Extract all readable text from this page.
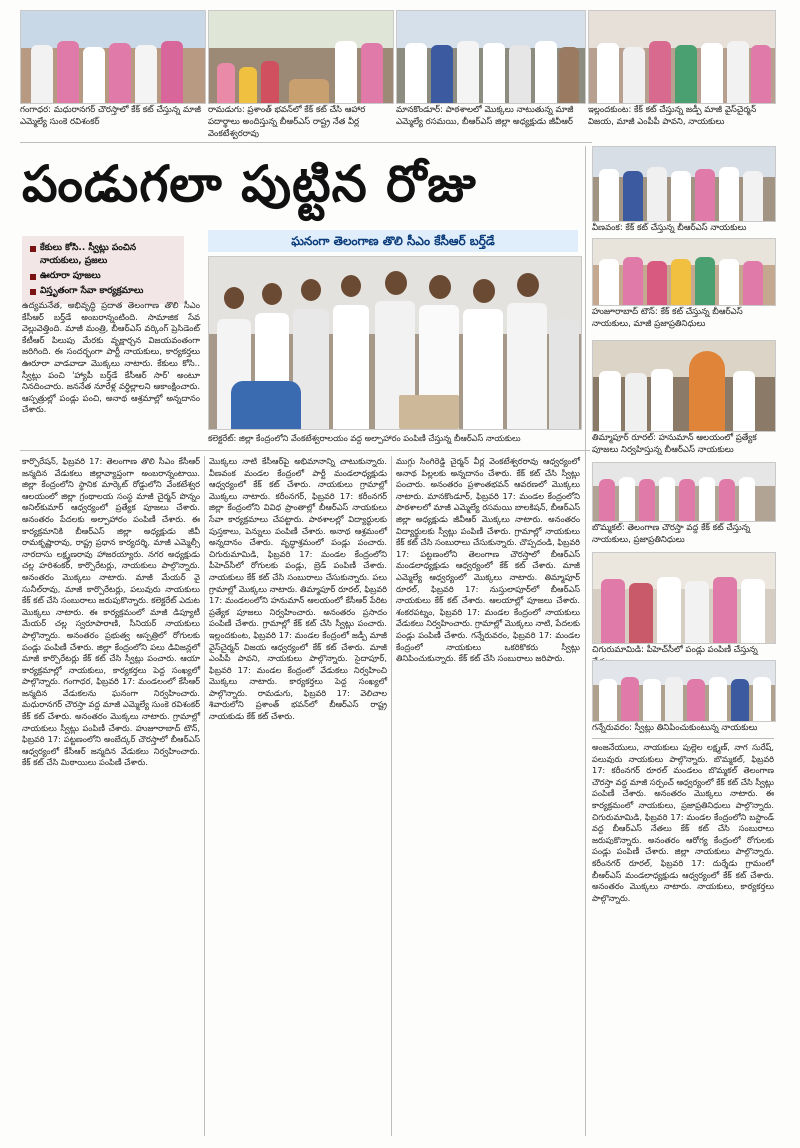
గంగాధర: మధురానగర్ చౌరస్తాలో కేక్ కట్ చేస్తున్న మాజీ ఎమ్మెల్యే సుంకె రవిశంకర్
రామడుగు: ప్రశాంత్ భవన్‌లో కేక్ కట్ చేసి ఆహార పదార్థాలు అందిస్తున్న బీఆర్ఎస్ రాష్ట్ర నేత వీర్ల వెంకటేశ్వరరావు
మానకొండూర్: పాఠశాలలో మొక్కలు నాటుతున్న మాజీ ఎమ్మెల్యే రసమయి, బీఆర్ఎస్ జిల్లా అధ్యక్షుడు జీవీఆర్
ఇల్లందకుంట: కేక్ కట్ చేస్తున్న జడ్పీ మాజీ వైస్‌చైర్మన్ విజయ, మాజీ ఎంపీపీ పావని, నాయకులు
పండుగలా పుట్టిన రోజు
కేకులు కోసి.. స్వీట్లు పంచిన నాయకులు, ప్రజలు
ఊరూరా పూజలు
విస్తృతంగా సేవా కార్యక్రమాలు
ఘనంగా తెలంగాణ తొలి సీఎం కేసీఆర్ బర్త్‌డే
ఉద్యమనేత, అభివృద్ధి ప్రదాత తెలంగాణ తొలి సీఎం కేసీఆర్ బర్త్‌డే అంబరాన్నంటింది. సామాజిక సేవ వెల్లువెత్తింది. మాజీ మంత్రి, బీఆర్ఎస్ వర్కింగ్ ప్రెసిడెంట్ కేటీఆర్ పిలుపు మేరకు వృక్షార్చన విజయవంతంగా జరిగింది. ఈ సందర్భంగా పార్టీ నాయకులు, కార్యకర్తలు ఊరూరా వాడవాడా మొక్కలు నాటారు. కేకులు కోసి.. స్వీట్లు పంచి 'హ్యాపీ బర్త్‌డే కేసీఆర్ సార్' అంటూ నినదించారు. జననేత నూరేళ్ల వర్ధిల్లాలని ఆకాంక్షించారు. ఆస్పత్రుల్లో పండ్లు పంచి, అనాథ ఆశ్రమాల్లో అన్నదానం చేశారు.
కలెక్టరేట్: జిల్లా కేంద్రంలోని వేంకటేశ్వరాలయం వద్ద అల్పాహారం పంపిణీ చేస్తున్న బీఆర్ఎస్ నాయకులు
కార్పొరేషన్, ఫిబ్రవరి 17: తెలంగాణ తొలి సీఎం కేసీఆర్ జన్మదిన వేడుకలు జిల్లావ్యాప్తంగా అంబరాన్నంటాయి. జిల్లా కేంద్రంలోని స్థానిక మార్కెట్ రోడ్డులోని వేంకటేశ్వర ఆలయంలో జిల్లా గ్రంథాలయ సంస్థ మాజీ చైర్మన్ పొన్నం అనిల్‌కుమార్ ఆధ్వర్యంలో ప్రత్యేక పూజలు చేశారు. అనంతరం పేదలకు అల్పాహారం పంపిణీ చేశారు. ఈ కార్యక్రమానికి బీఆర్ఎస్ జిల్లా అధ్యక్షుడు జీవీ రామకృష్ణారావు, రాష్ట్ర ప్రధాన కార్యదర్శి, మాజీ ఎమ్మెల్సీ నారదాసు లక్ష్మణరావు హాజరయ్యారు. నగర అధ్యక్షుడు చల్ల హరిశంకర్, కార్పొరేటర్లు, నాయకులు పాల్గొన్నారు. అనంతరం మొక్కలు నాటారు. మాజీ మేయర్ వై సునీల్‌రావు, మాజీ కార్పొరేటర్లు, పలువురు నాయకులు కేక్ కట్ చేసి సంబురాలు జరుపుకొన్నారు. కలెక్టరేట్ ఎదుట మొక్కలు నాటారు. ఈ కార్యక్రమంలో మాజీ డిప్యూటీ మేయర్ చల్ల స్వరూపారాణి, సీనియర్ నాయకులు పాల్గొన్నారు. అనంతరం ప్రభుత్వ ఆస్పత్రిలో రోగులకు పండ్లు పంపిణీ చేశారు. జిల్లా కేంద్రంలోని పలు డివిజన్లలో మాజీ కార్పొరేటర్లు కేక్ కట్ చేసి స్వీట్లు పంచారు. ఆయా కార్యక్రమాల్లో నాయకులు, కార్యకర్తలు పెద్ద సంఖ్యలో పాల్గొన్నారు. గంగాధర, ఫిబ్రవరి 17: మండలంలో కేసీఆర్ జన్మదిన వేడుకలను ఘనంగా నిర్వహించారు. మధురానగర్ చౌరస్తా వద్ద మాజీ ఎమ్మెల్యే సుంకె రవిశంకర్ కేక్ కట్ చేశారు. అనంతరం మొక్కలు నాటారు. గ్రామాల్లో నాయకులు స్వీట్లు పంపిణీ చేశారు. హుజూరాబాద్ టౌన్, ఫిబ్రవరి 17: పట్టణంలోని అంబేద్కర్ చౌరస్తాలో బీఆర్ఎస్ ఆధ్వర్యంలో కేసీఆర్ జన్మదిన వేడుకలు నిర్వహించారు. కేక్ కట్ చేసి మిఠాయిలు పంపిణీ చేశారు.
మొక్కలు నాటి కేసీఆర్‌పై అభిమానాన్ని చాటుకున్నారు. వీణవంక మండల కేంద్రంలో పార్టీ మండలాధ్యక్షుడు ఆధ్వర్యంలో కేక్ కట్ చేశారు. నాయకులు గ్రామాల్లో మొక్కలు నాటారు. కరీంనగర్, ఫిబ్రవరి 17: కరీంనగర్ జిల్లా కేంద్రంలోని వివిధ ప్రాంతాల్లో బీఆర్ఎస్ నాయకులు సేవా కార్యక్రమాలు చేపట్టారు. పాఠశాలల్లో విద్యార్థులకు పుస్తకాలు, పెన్నులు పంపిణీ చేశారు. అనాథ ఆశ్రమంలో అన్నదానం చేశారు. వృద్ధాశ్రమంలో పండ్లు పంచారు. చిగురుమామిడి, ఫిబ్రవరి 17: మండల కేంద్రంలోని పీహెచ్‌సీలో రోగులకు పండ్లు, బ్రెడ్ పంపిణీ చేశారు. నాయకులు కేక్ కట్ చేసి సంబురాలు చేసుకున్నారు. పలు గ్రామాల్లో మొక్కలు నాటారు. తిమ్మాపూర్ రూరల్, ఫిబ్రవరి 17: మండలంలోని హనుమాన్ ఆలయంలో కేసీఆర్ పేరిట ప్రత్యేక పూజలు నిర్వహించారు. అనంతరం ప్రసాదం పంపిణీ చేశారు. గ్రామాల్లో కేక్ కట్ చేసి స్వీట్లు పంచారు. ఇల్లందకుంట, ఫిబ్రవరి 17: మండల కేంద్రంలో జడ్పీ మాజీ వైస్‌చైర్మన్ విజయ ఆధ్వర్యంలో కేక్ కట్ చేశారు. మాజీ ఎంపీపీ పావని, నాయకులు పాల్గొన్నారు. సైదాపూర్, ఫిబ్రవరి 17: మండల కేంద్రంలో వేడుకలు నిర్వహించి మొక్కలు నాటారు. కార్యకర్తలు పెద్ద సంఖ్యలో పాల్గొన్నారు. రామడుగు, ఫిబ్రవరి 17: వెలిచాల శివారులోని ప్రశాంత్ భవన్‌లో బీఆర్ఎస్ రాష్ట్ర నాయకుడు కేక్ కట్ చేశారు.
ముగ్గు సింగిరెడ్డి చైర్మన్ వీర్ల వెంకటేశ్వరరావు ఆధ్వర్యంలో అనాథ పిల్లలకు అన్నదానం చేశారు. కేక్ కట్ చేసి స్వీట్లు పంచారు. అనంతరం ప్రశాంతభవన్ ఆవరణలో మొక్కలు నాటారు. మానకొండూర్, ఫిబ్రవరి 17: మండల కేంద్రంలోని పాఠశాలలో మాజీ ఎమ్మెల్యే రసమయి బాలకిషన్, బీఆర్ఎస్ జిల్లా అధ్యక్షుడు జీవీఆర్ మొక్కలు నాటారు. అనంతరం విద్యార్థులకు స్వీట్లు పంపిణీ చేశారు. గ్రామాల్లో నాయకులు కేక్ కట్ చేసి సంబురాలు చేసుకున్నారు. చొప్పదండి, ఫిబ్రవరి 17: పట్టణంలోని తెలంగాణ చౌరస్తాలో బీఆర్ఎస్ మండలాధ్యక్షుడు ఆధ్వర్యంలో కేక్ కట్ చేశారు. మాజీ ఎమ్మెల్యే ఆధ్వర్యంలో మొక్కలు నాటారు. తిమ్మాపూర్ రూరల్, ఫిబ్రవరి 17: నుస్తులాపూర్‌లో బీఆర్ఎస్ నాయకులు కేక్ కట్ చేశారు. ఆలయాల్లో పూజలు చేశారు. శంకరపట్నం, ఫిబ్రవరి 17: మండల కేంద్రంలో నాయకులు వేడుకలు నిర్వహించారు. గ్రామాల్లో మొక్కలు నాటి, పేదలకు పండ్లు పంపిణీ చేశారు. గన్నేరువరం, ఫిబ్రవరి 17: మండల కేంద్రంలో నాయకులు ఒకరికొకరు స్వీట్లు తినిపించుకున్నారు. కేక్ కట్ చేసి సంబురాలు జరిపారు.
వీణవంక: కేక్ కట్ చేస్తున్న బీఆర్ఎస్ నాయకులు
హుజూరాబాద్ టౌన్: కేక్ కట్ చేస్తున్న బీఆర్ఎస్ నాయకులు, మాజీ ప్రజాప్రతినిధులు
తిమ్మాపూర్ రూరల్: హనుమాన్ ఆలయంలో ప్రత్యేక పూజలు నిర్వహిస్తున్న బీఆర్ఎస్ నాయకులు
బొమ్మకల్: తెలంగాణ చౌరస్తా వద్ద కేక్ కట్ చేస్తున్న నాయకులు, ప్రజాప్రతినిధులు
చిగురుమామిడి: పీహెచ్‌సీలో పండ్లు పంపిణీ చేస్తున్న
గన్నేరువరం: స్వీట్లు తినిపించుకుంటున్న నాయకులు
అంజనేయులు, నాయకులు పుల్లెల లక్ష్మణ్, నాగ సురేష్, పలువురు నాయకులు పాల్గొన్నారు. బొమ్మకల్, ఫిబ్రవరి 17: కరీంనగర్ రూరల్ మండలం బొమ్మకల్ తెలంగాణ చౌరస్తా వద్ద మాజీ సర్పంచ్ ఆధ్వర్యంలో కేక్ కట్ చేసి స్వీట్లు పంపిణీ చేశారు. అనంతరం మొక్కలు నాటారు. ఈ కార్యక్రమంలో నాయకులు, ప్రజాప్రతినిధులు పాల్గొన్నారు. చిగురుమామిడి, ఫిబ్రవరి 17: మండల కేంద్రంలోని బస్టాండ్ వద్ద బీఆర్ఎస్ నేతలు కేక్ కట్ చేసి సంబురాలు జరుపుకొన్నారు. అనంతరం ఆరోగ్య కేంద్రంలో రోగులకు పండ్లు పంపిణీ చేశారు. జిల్లా నాయకులు పాల్గొన్నారు. కరీంనగర్ రూరల్, ఫిబ్రవరి 17: దుర్శేడు గ్రామంలో బీఆర్ఎస్ మండలాధ్యక్షుడు ఆధ్వర్యంలో కేక్ కట్ చేశారు. అనంతరం మొక్కలు నాటారు. నాయకులు, కార్యకర్తలు పాల్గొన్నారు.
